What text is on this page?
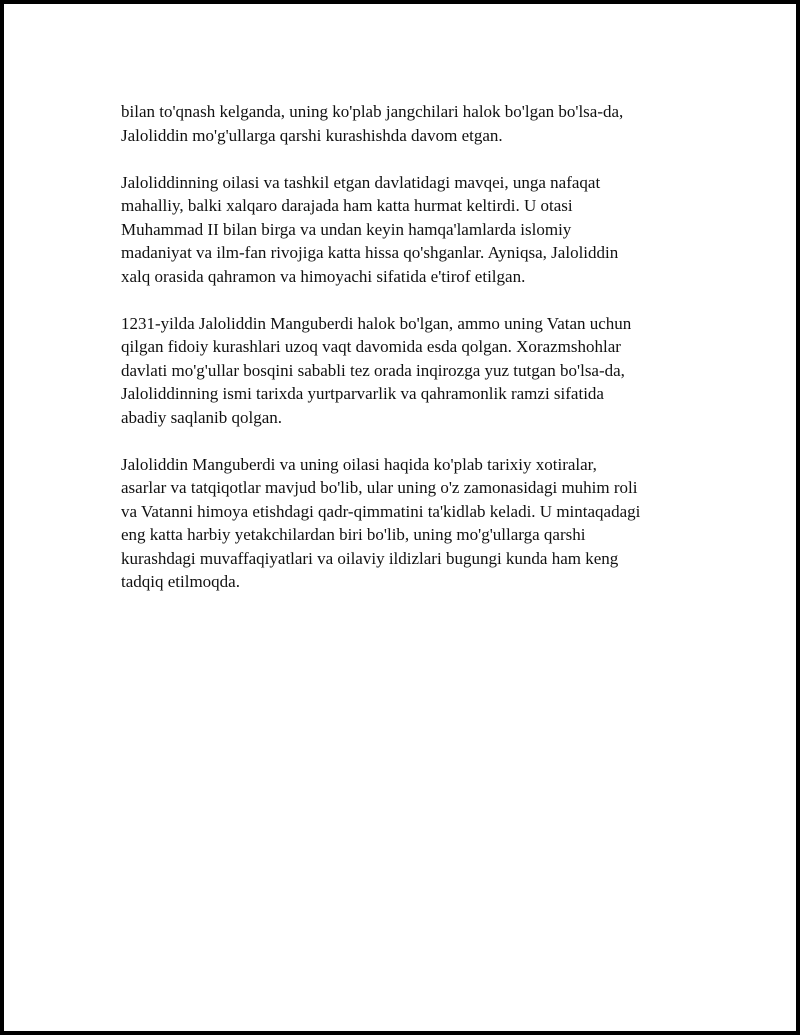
bilan to'qnash kelganda, uning ko'plab jangchilari halok bo'lgan bo'lsa-da,
Jaloliddin mo'g'ullarga qarshi kurashishda davom etgan.

Jaloliddinning oilasi va tashkil etgan davlatidagi mavqei, unga nafaqat
mahalliy, balki xalqaro darajada ham katta hurmat keltirdi. U otasi
Muhammad II bilan birga va undan keyin hamqa'lamlarda islomiy
madaniyat va ilm-fan rivojiga katta hissa qo'shganlar. Ayniqsa, Jaloliddin
xalq orasida qahramon va himoyachi sifatida e'tirof etilgan.

1231-yilda Jaloliddin Manguberdi halok bo'lgan, ammo uning Vatan uchun
qilgan fidoiy kurashlari uzoq vaqt davomida esda qolgan. Xorazmshohlar
davlati mo'g'ullar bosqini sababli tez orada inqirozga yuz tutgan bo'lsa-da,
Jaloliddinning ismi tarixda yurtparvarlik va qahramonlik ramzi sifatida
abadiy saqlanib qolgan.

Jaloliddin Manguberdi va uning oilasi haqida ko'plab tarixiy xotiralar,
asarlar va tatqiqotlar mavjud bo'lib, ular uning o'z zamonasidagi muhim roli
va Vatanni himoya etishdagi qadr-qimmatini ta'kidlab keladi. U mintaqadagi
eng katta harbiy yetakchilardan biri bo'lib, uning mo'g'ullarga qarshi
kurashdagi muvaffaqiyatlari va oilaviy ildizlari bugungi kunda ham keng
tadqiq etilmoqda.
